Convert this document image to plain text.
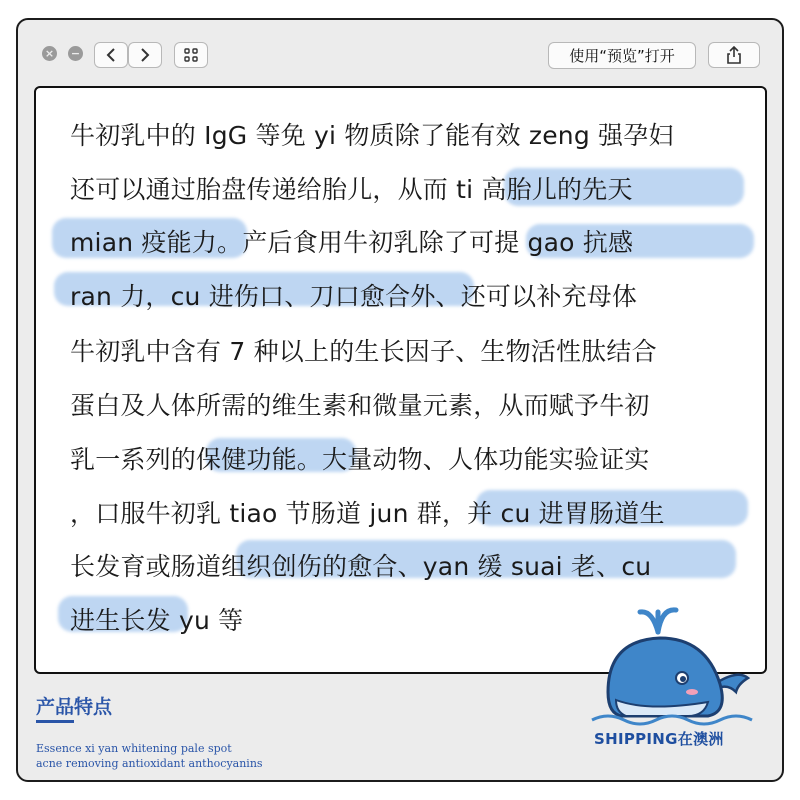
× −	使用“预览”打开
牛初乳中的 IgG 等免 yi 物质除了能有效 zeng 强孕妇
还可以通过胎盘传递给胎儿，从而 ti 高胎儿的先天
mian 疫能力。产后食用牛初乳除了可提 gao 抗感
ran 力，cu 进伤口、刀口愈合外、还可以补充母体
牛初乳中含有 7 种以上的生长因子、生物活性肽结合
蛋白及人体所需的维生素和微量元素，从而赋予牛初
乳一系列的保健功能。大量动物、人体功能实验证实
，口服牛初乳 tiao 节肠道 jun 群，并 cu 进胃肠道生
长发育或肠道组织创伤的愈合、yan 缓 suai 老、cu
进生长发 yu 等
产品特点
Essence xi yan whitening pale spot
acne removing antioxidant anthocyanins
SHIPPING在澳洲
